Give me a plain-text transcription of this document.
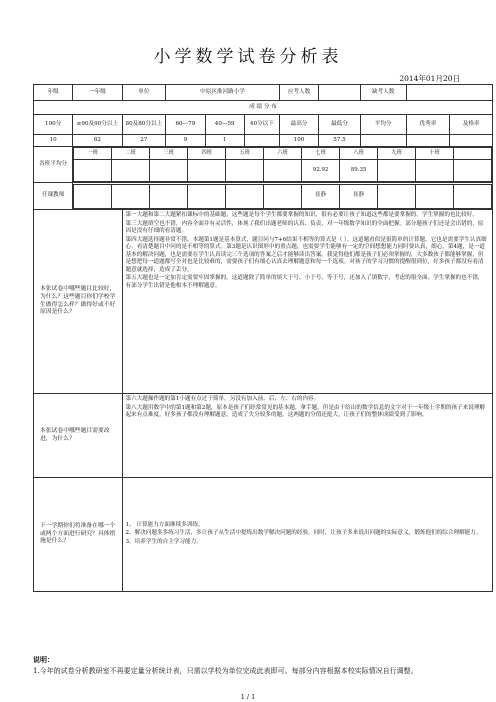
小学数学试卷分析表
2014年01月20日
年级	一年级	单位	中原区淮河路小学	应考人数		缺考人数	
成 绩 分 布
100分	≥90及90分以上	80及80分以上	60—79	40—59	40分以下	最高分	最低分	平均分	优秀率	及格率
10	62	27	9	1		100	57.5			
各班平均分	
一班	二班	三班	四班	五班	六班	七班	八班	九班	十班	
						92.92	89.35			

任课教师	
							崔静	崔静			

本张试卷中哪些题目比较好，为什么？这些题目你们学校学生做得怎么样？做得好或不好原因是什么？	

第一大题和第二大题紧扣课标中的基础题，这些题是每个学生都要掌握的知识，很有必要让孩子知道这些都是要掌握的。学生掌握的也比较好。

第三大题填空也不错，内容全面并有灵活性，体现了我们出题老师的认真、负责，对一年级数学知识的全面把握。部分题孩子们还是会出错的，原因是没有仔细的看清题。

第四大题选择题非常不错，本题第1题是基本算式，题目问与7+6结果不相等的算式是（ ）。这道题看似是很简单的计算题，它也是需要学生认真细心，看清楚题目中问的是不相等的算式。第3题是认识图形中的重点题，也需要学生能够有一定的空间想想能力同时要认真，细心，第4题，是一道基本的解决问题，也是需要在学生认真读完三个选项的答案之后才能够读出答案。我觉得他们都是孩子们必须掌握的，大多数孩子都能够掌握，但是想把每一道题都写全对也是比较难的，需要孩子们有细心认真去理解题意和每一个选项。对孩子的学习习惯的提醒很到位，好多孩子都没有看清题意就选择，造成了丢分。

第五大题也是一定加肯定需要牢固掌握的。这道题除了简单的填大于号、小于号、等于号，还加入了填数字，考虑的很全面。学生掌握的也不错，有部分学生出错是他根本不理解题意。

本张试卷中哪些题目需要改进，为什么？	

第六大题操作题的第1小题有点过于简单。另没有加入前、后、左、右的内容。

第八大题用数学中的第1题和第2题，原本是孩子们经常常见的基本题，拿手题，但是由于给出的数学信息的文字对于一年级上学期的孩子来说理解起来有点难度，好多孩子都没有理解题意，造成了失分较多的题。这两题的分值还挺大，让孩子们的整体成绩受到了影响。

下一学期你们将准备在哪一个或两个方面进行研究？具体措施是什么？	

1、 计算能力方面继续多训练。

2、解决问题多多练习生活，多让孩子从生活中提炼出数学解决问题的经验，同时，让孩子多来说出问题的实际意义，锻炼他们的综合理解能力。

3、培养学生的自主学习能力。

说明：
1.今年的试卷分析教研室不再要定量分析统计表，只需以学校为单位完成此表即可。每部分内容根据本校实际情况自行调整。
1 / 1
